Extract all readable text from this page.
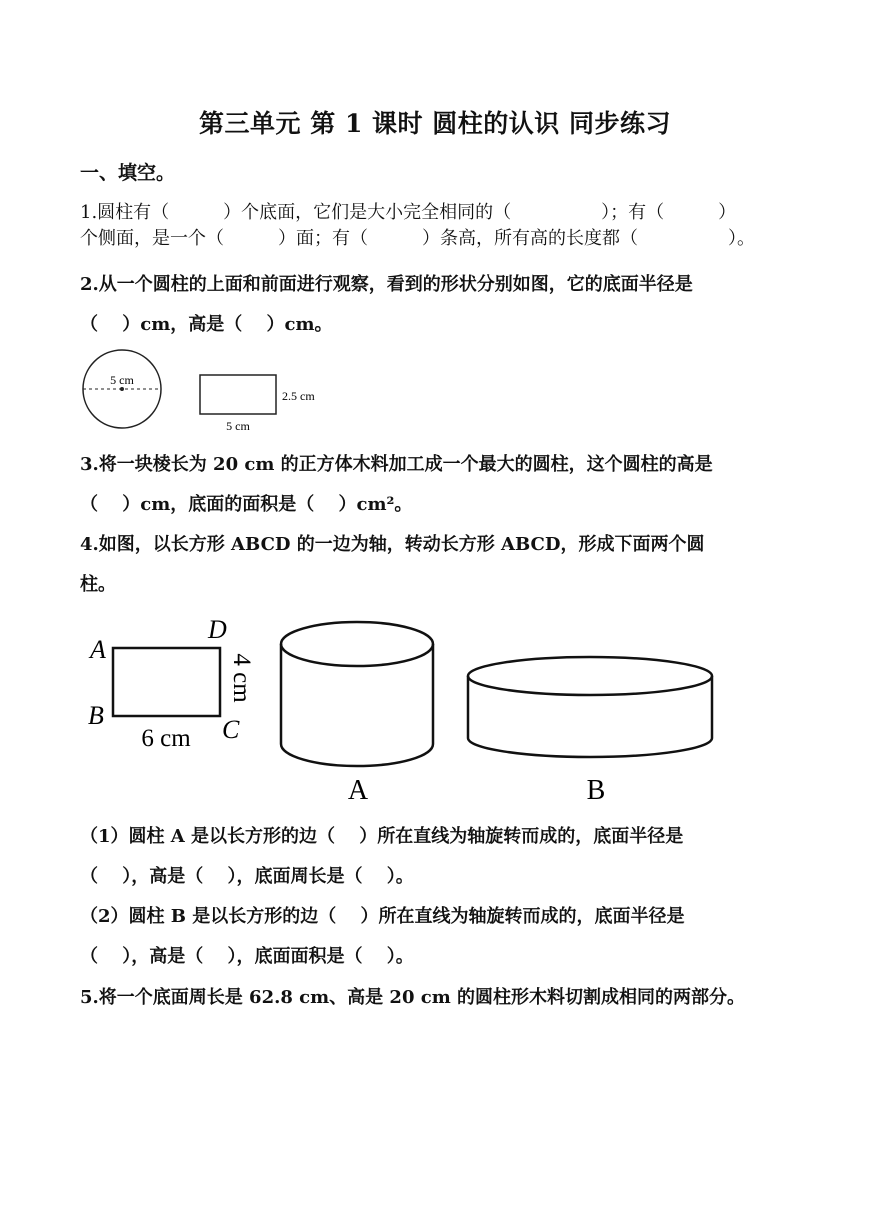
第三单元 第 1 课时 圆柱的认识 同步练习
一、填空。
1.圆柱有（　　　）个底面，它们是大小完全相同的（　　　　　）；有（　　　）
个侧面，是一个（　　　）面；有（　　　）条高，所有高的长度都（　　　　　）。
2.从一个圆柱的上面和前面进行观察，看到的形状分别如图，它的底面半径是
（　 ）cm，高是（　 ）cm。
5 cm
2.5 cm
5 cm
3.将一块棱长为 20 cm 的正方体木料加工成一个最大的圆柱，这个圆柱的高是
（　 ）cm，底面的面积是（　 ）cm²。
4.如图，以长方形 ABCD 的一边为轴，转动长方形 ABCD，形成下面两个圆
柱。
A
D
B	C
6 cm
4 cm
A	B
（1）圆柱 A 是以长方形的边（　 ）所在直线为轴旋转而成的，底面半径是
（　 ），高是（　 ），底面周长是（　 ）。
（2）圆柱 B 是以长方形的边（　 ）所在直线为轴旋转而成的，底面半径是
（　 ），高是（　 ），底面面积是（　 ）。
5.将一个底面周长是 62.8 cm、高是 20 cm 的圆柱形木料切割成相同的两部分。
